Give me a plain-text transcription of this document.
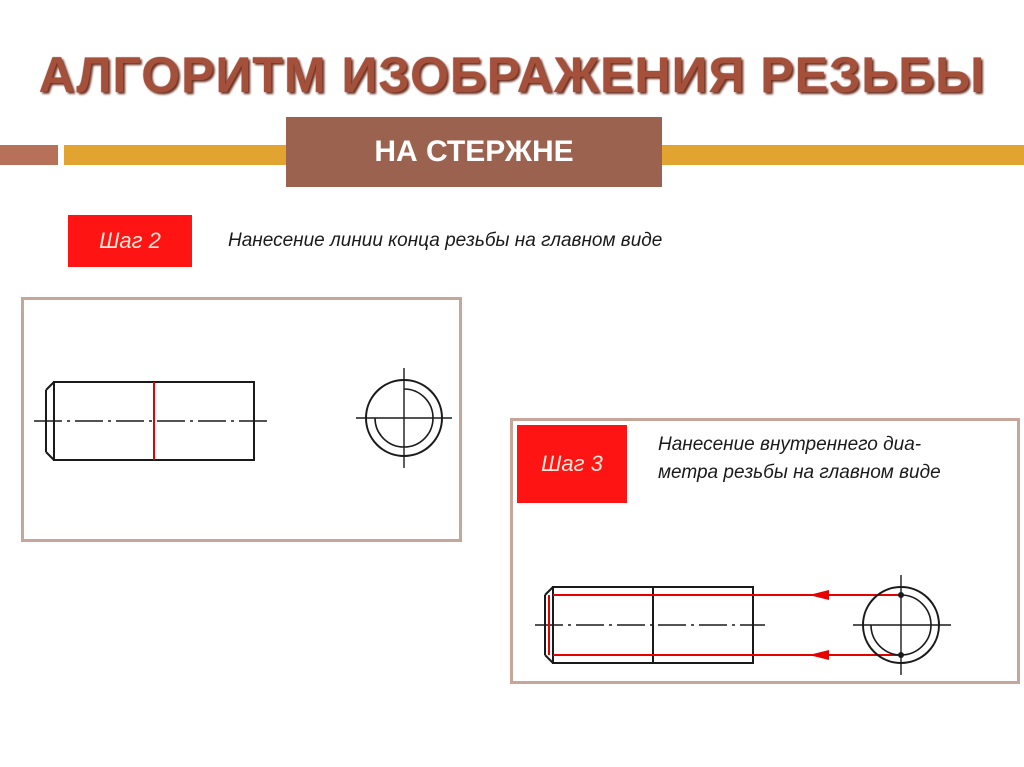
АЛГОРИТМ ИЗОБРАЖЕНИЯ РЕЗЬБЫ
НА СТЕРЖНЕ
Шаг 2	Нанесение линии конца резьбы на главном виде
Шаг 3
Нанесение внутреннего диа-
метра резьбы на главном виде
